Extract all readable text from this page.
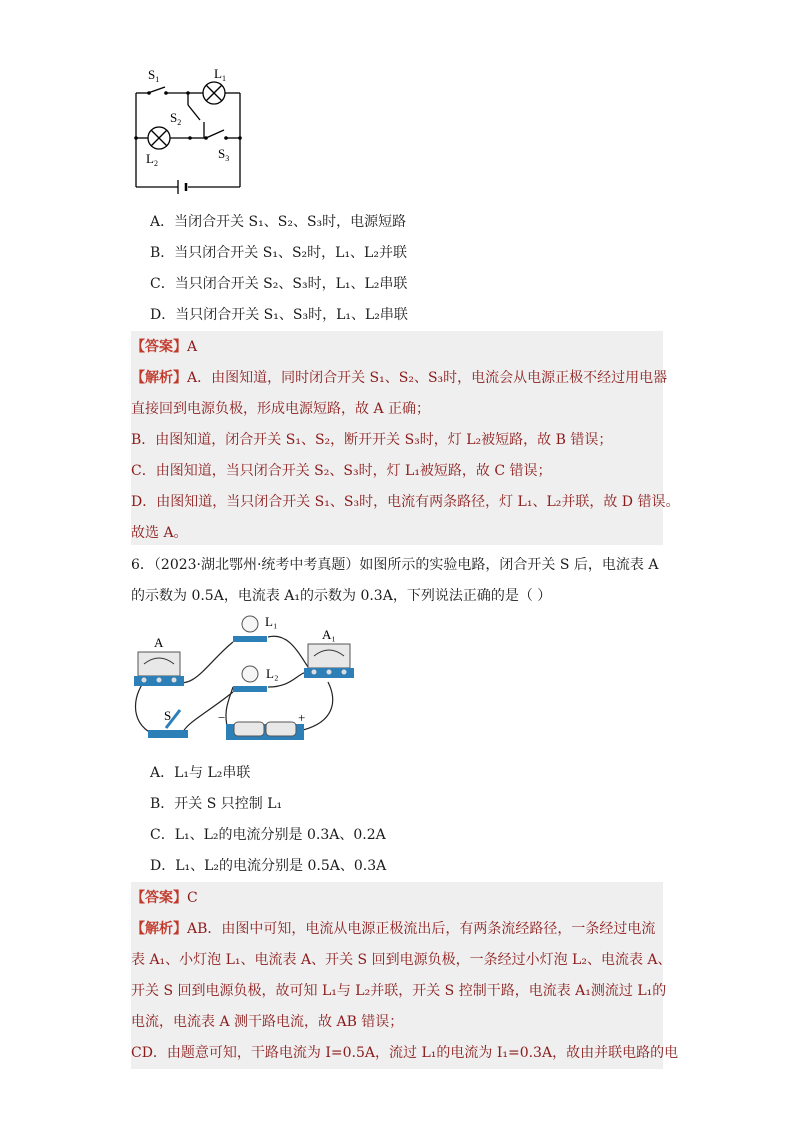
$S_1$	$L_1$
$S_2$
$L_2$
$S_3$
A．当闭合开关 S₁、S₂、S₃时，电源短路
B．当只闭合开关 S₁、S₂时，L₁、L₂并联
C．当只闭合开关 S₂、S₃时，L₁、L₂串联
D．当只闭合开关 S₁、S₃时，L₁、L₂串联
【答案】A
【解析】A．由图知道，同时闭合开关 S₁、S₂、S₃时，电流会从电源正极不经过用电器
直接回到电源负极，形成电源短路，故 A 正确；
B．由图知道，闭合开关 S₁、S₂，断开开关 S₃时，灯 L₂被短路，故 B 错误；
C．由图知道，当只闭合开关 S₂、S₃时，灯 L₁被短路，故 C 错误；
D．由图知道，当只闭合开关 S₁、S₃时，电流有两条路径，灯 L₁、L₂并联，故 D 错误。
故选 A。
6．（2023·湖北鄂州·统考中考真题）如图所示的实验电路，闭合开关 S 后，电流表 A
的示数为 0.5A，电流表 A₁的示数为 0.3A，下列说法正确的是（ ）
A
L₁
A₁
L₂
S	−	+
A．L₁与 L₂串联
B．开关 S 只控制 L₁
C．L₁、L₂的电流分别是 0.3A、0.2A
D．L₁、L₂的电流分别是 0.5A、0.3A
【答案】C
【解析】AB．由图中可知，电流从电源正极流出后，有两条流经路径，一条经过电流
表 A₁、小灯泡 L₁、电流表 A、开关 S 回到电源负极，一条经过小灯泡 L₂、电流表 A、
开关 S 回到电源负极，故可知 L₁与 L₂并联，开关 S 控制干路，电流表 A₁测流过 L₁的
电流，电流表 A 测干路电流，故 AB 错误；
CD．由题意可知，干路电流为 I=0.5A，流过 L₁的电流为 I₁=0.3A，故由并联电路的电
